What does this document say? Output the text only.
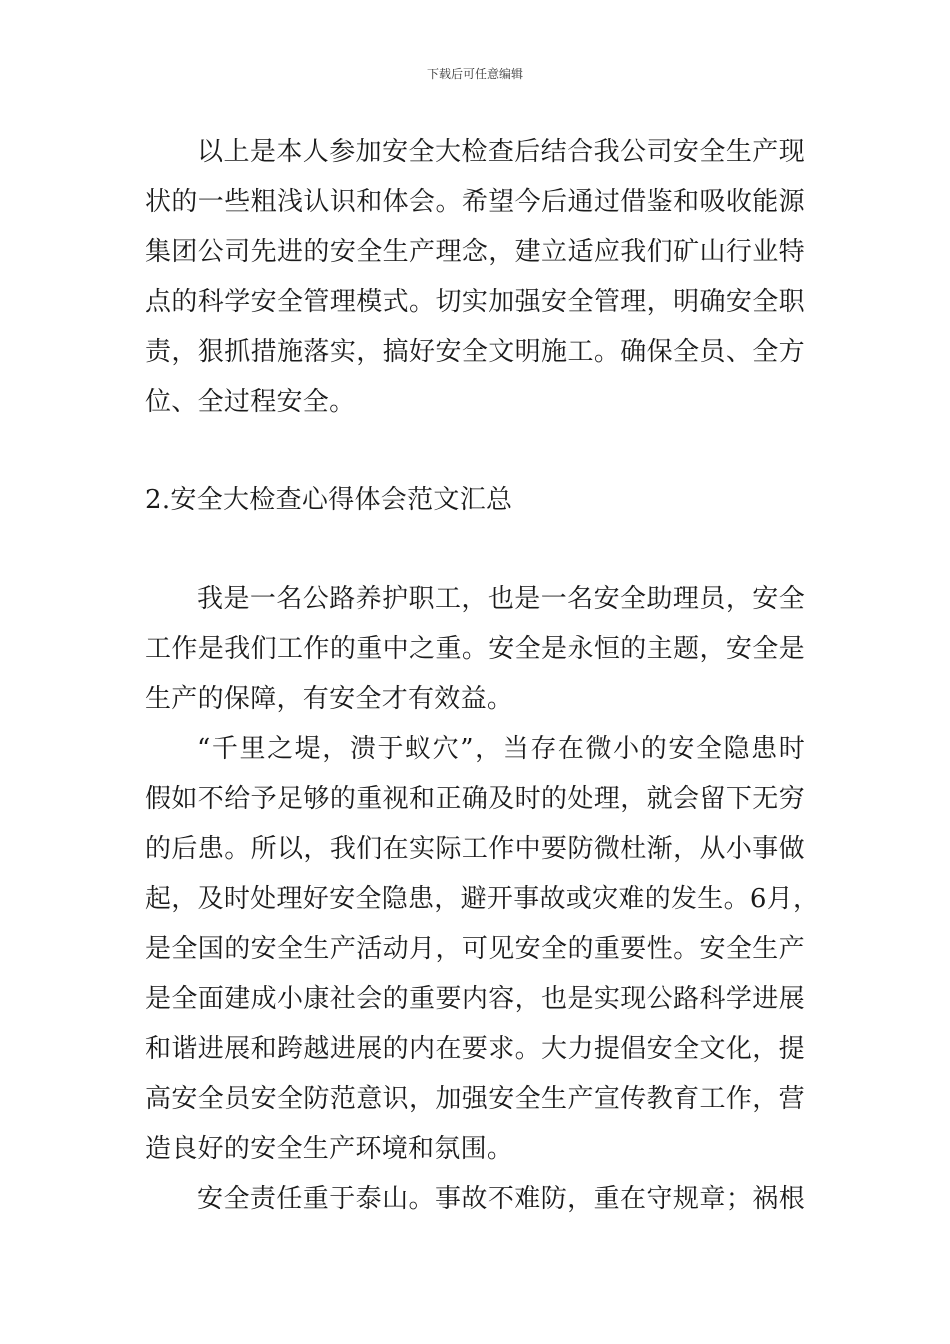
下载后可任意编辑
以上是本人参加安全大检查后结合我公司安全生产现
状的一些粗浅认识和体会。希望今后通过借鉴和吸收能源
集团公司先进的安全生产理念，建立适应我们矿山行业特
点的科学安全管理模式。切实加强安全管理，明确安全职
责，狠抓措施落实，搞好安全文明施工。确保全员、全方
位、全过程安全。
2.安全大检查心得体会范文汇总
我是一名公路养护职工，也是一名安全助理员，安全
工作是我们工作的重中之重。安全是永恒的主题，安全是
生产的保障，有安全才有效益。
“千里之堤，溃于蚁穴”，当存在微小的安全隐患时
假如不给予足够的重视和正确及时的处理，就会留下无穷
的后患。所以，我们在实际工作中要防微杜渐，从小事做
起，及时处理好安全隐患，避开事故或灾难的发生。6月，
是全国的安全生产活动月，可见安全的重要性。安全生产
是全面建成小康社会的重要内容，也是实现公路科学进展
和谐进展和跨越进展的内在要求。大力提倡安全文化，提
高安全员安全防范意识，加强安全生产宣传教育工作，营
造良好的安全生产环境和氛围。
安全责任重于泰山。事故不难防，重在守规章；祸根
